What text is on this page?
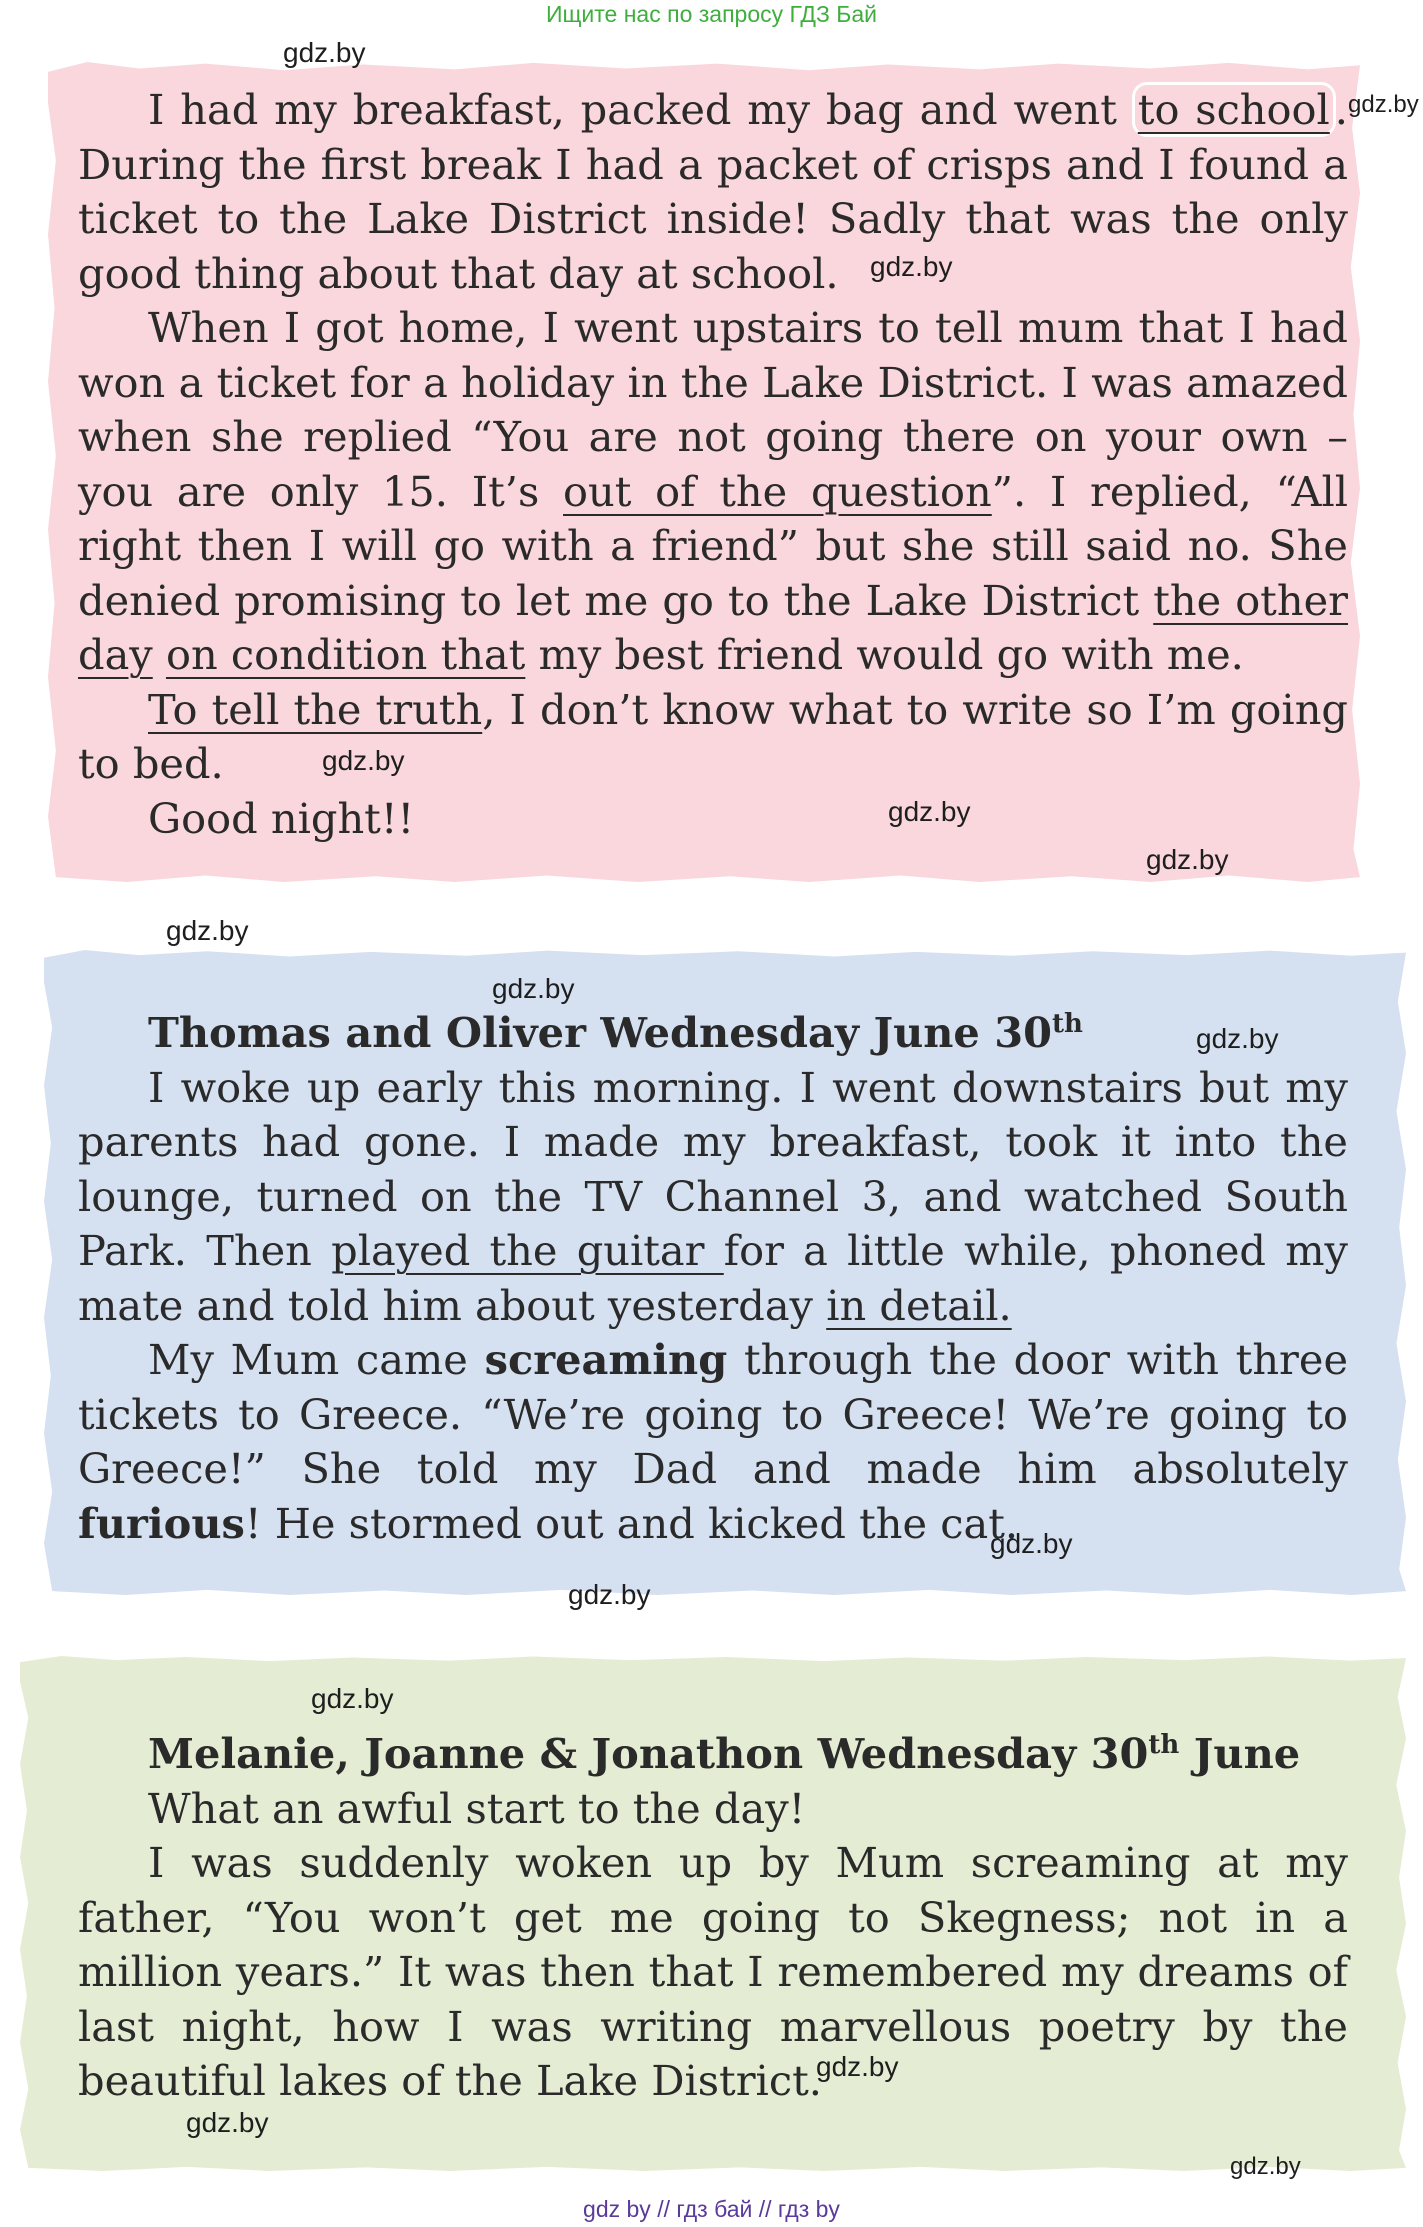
Ищите нас по запросу ГДЗ Бай

I had my breakfast, packed my bag and went to school . During the first break I had a packet of crisps and I found a ticket to the Lake District inside! Sadly that was the only good thing about that day at school.

When I got home, I went upstairs to tell mum that I had won a ticket for a holiday in the Lake District. I was amazed when she replied “You are not going there on your own – you are only 15. It’s out of the question”. I replied, “All right then I will go with a friend” but she still said no. She denied promising to let me go to the Lake District the other day on condition that my best friend would go with me.

To tell the truth, I don’t know what to write so I’m going to bed.

Good night!!

Thomas and Oliver Wednesday June 30th

I woke up early this morning. I went downstairs but my parents had gone. I made my breakfast, took it into the lounge, turned on the TV Channel 3, and watched South Park. Then played the guitar for a little while, phoned my mate and told him about yesterday in detail.

My Mum came screaming through the door with three tickets to Greece. “We’re going to Greece! We’re going to Greece!” She told my Dad and made him absolutely furious! He stormed out and kicked the cat.

Melanie, Joanne & Jonathon Wednesday 30th June

What an awful start to the day!

I was suddenly woken up by Mum screaming at my father, “You won’t get me going to Skegness; not in a million years.” It was then that I remembered my dreams of last night, how I was writing marvellous poetry by the beautiful lakes of the Lake District.

gdz.by
gdz.by
gdz.by
gdz.by
gdz.by
gdz.by
gdz.by
gdz.by
gdz.by
gdz.by
gdz.by
gdz.by
gdz.by
gdz.by
gdz.by
gdz by // гдз бай // гдз by
